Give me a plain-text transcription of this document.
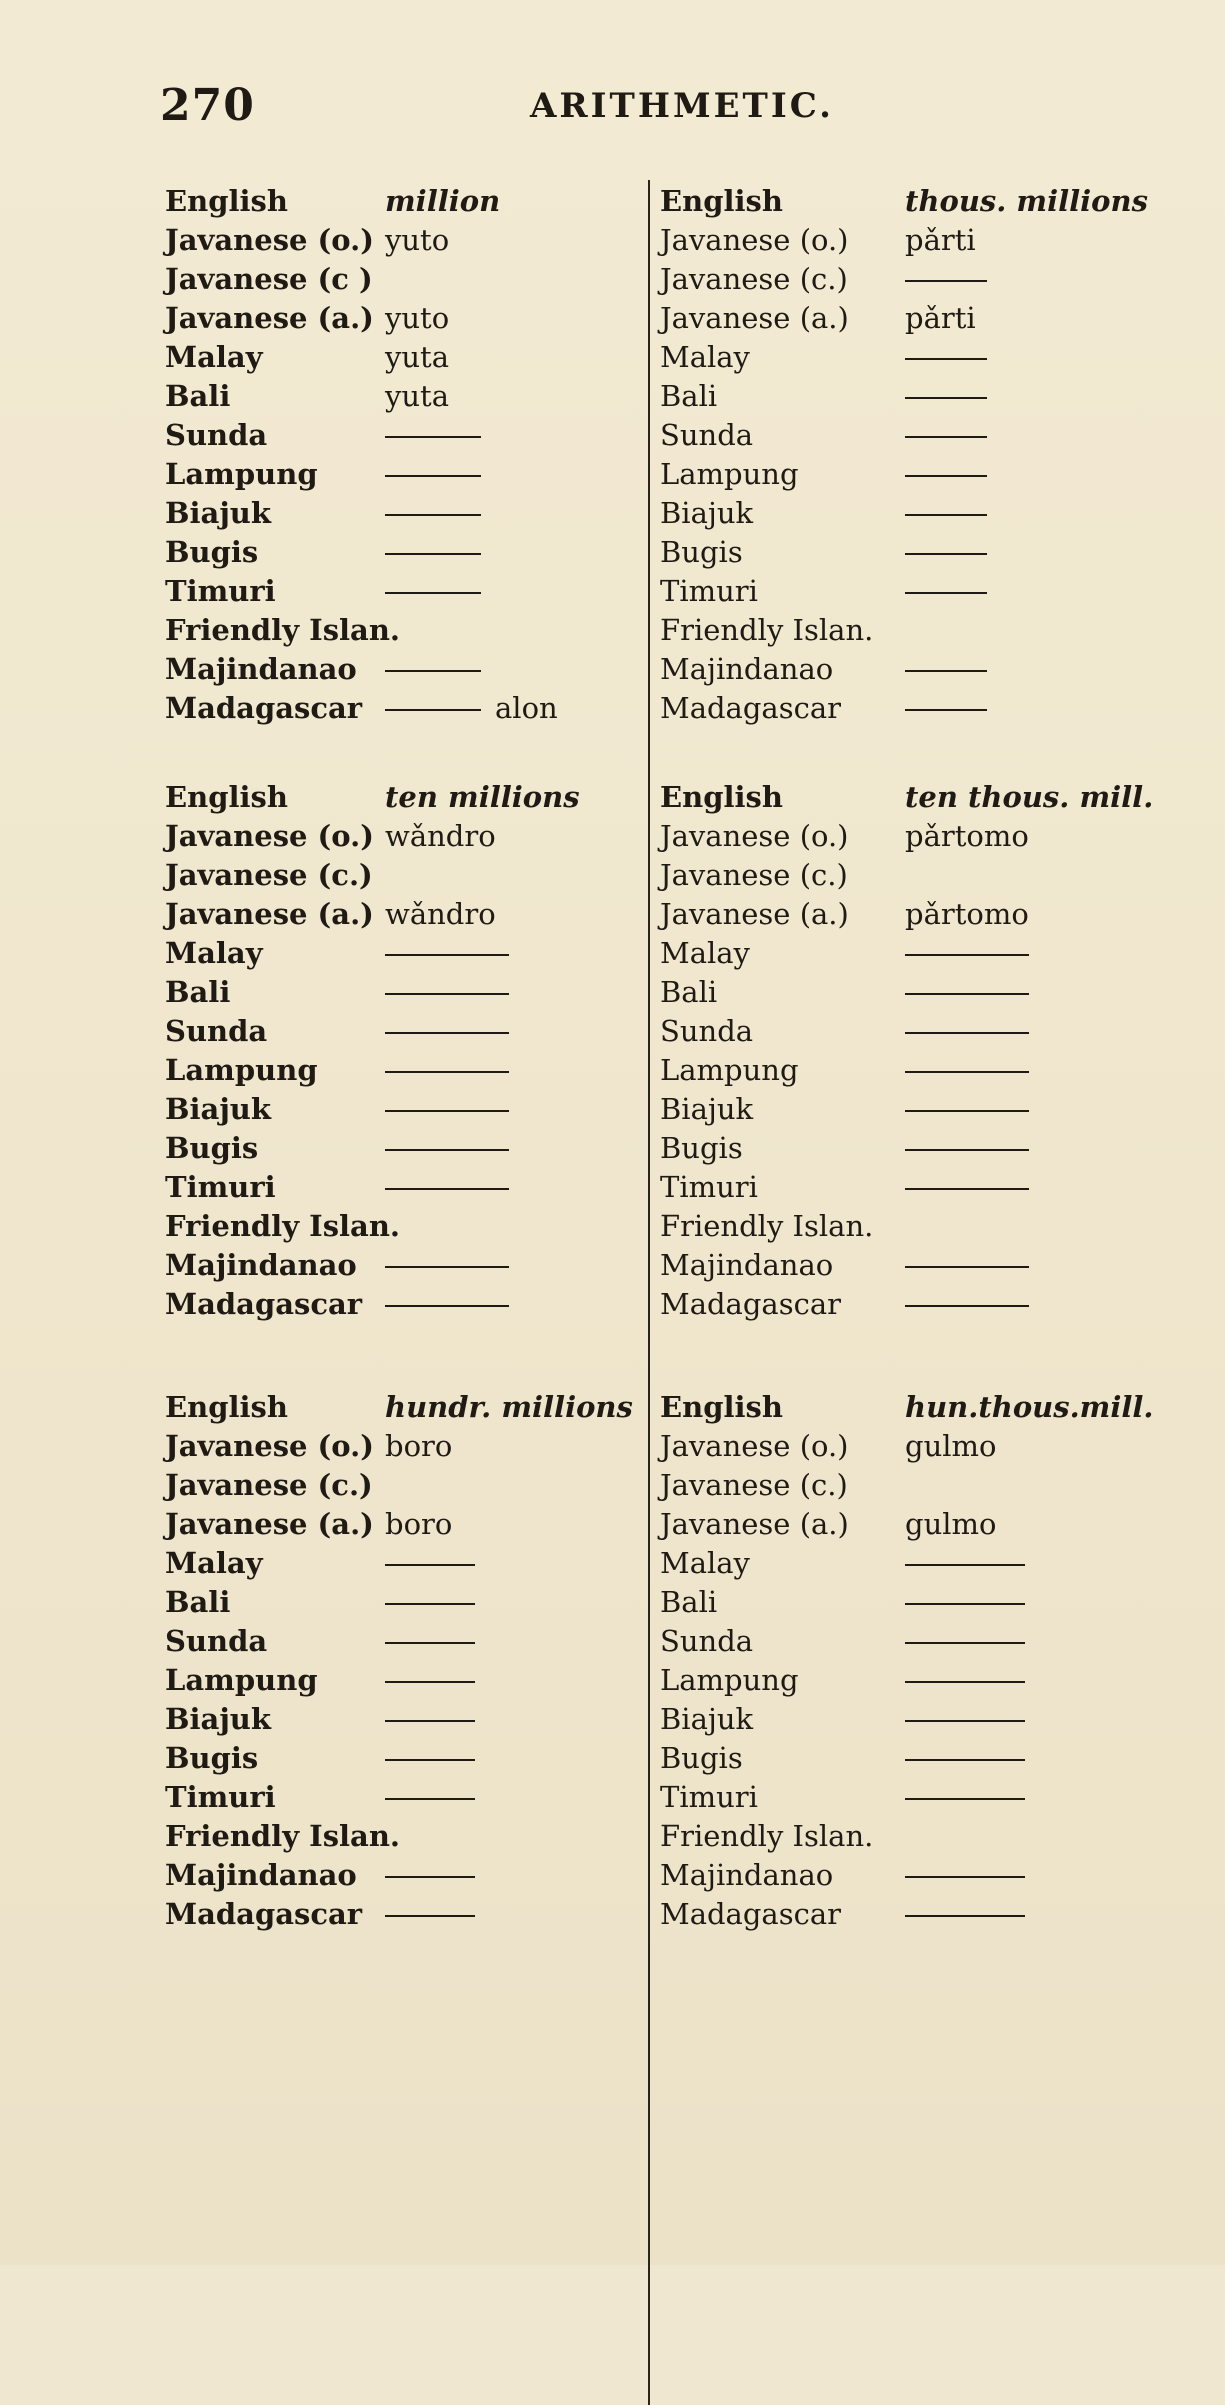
270	ARITHMETIC.
English	million
Javanese (o.) yuto
Javanese (c )
Javanese (a.) yuto
Malay	yuta
Bali	yuta
Sunda
Lampung
Biajuk
Bugis
Timuri
Friendly Islan.
Majindanao
Madagascar	alon
English	thous. millions
Javanese (o.) pǎrti
Javanese (c.)
Javanese (a.) pǎrti
Malay
Bali
Sunda
Lampung
Biajuk
Bugis
Timuri
Friendly Islan.
Majindanao
Madagascar
English	ten millions
Javanese (o.) wǎndro
Javanese (c.)
Javanese (a.) wǎndro
Malay
Bali
Sunda
Lampung
Biajuk
Bugis
Timuri
Friendly Islan.
Majindanao
Madagascar
English	ten thous. mill.
Javanese (o.) pǎrtomo
Javanese (c.)
Javanese (a.) pǎrtomo
Malay
Bali
Sunda
Lampung
Biajuk
Bugis
Timuri
Friendly Islan.
Majindanao
Madagascar
English	hundr. millions
Javanese (o.) boro
Javanese (c.)
Javanese (a.) boro
Malay
Bali
Sunda
Lampung
Biajuk
Bugis
Timuri
Friendly Islan.
Majindanao
Madagascar
English	hun.thous.mill.
Javanese (o.) gulmo
Javanese (c.)
Javanese (a.) gulmo
Malay
Bali
Sunda
Lampung
Biajuk
Bugis
Timuri
Friendly Islan.
Majindanao
Madagascar
